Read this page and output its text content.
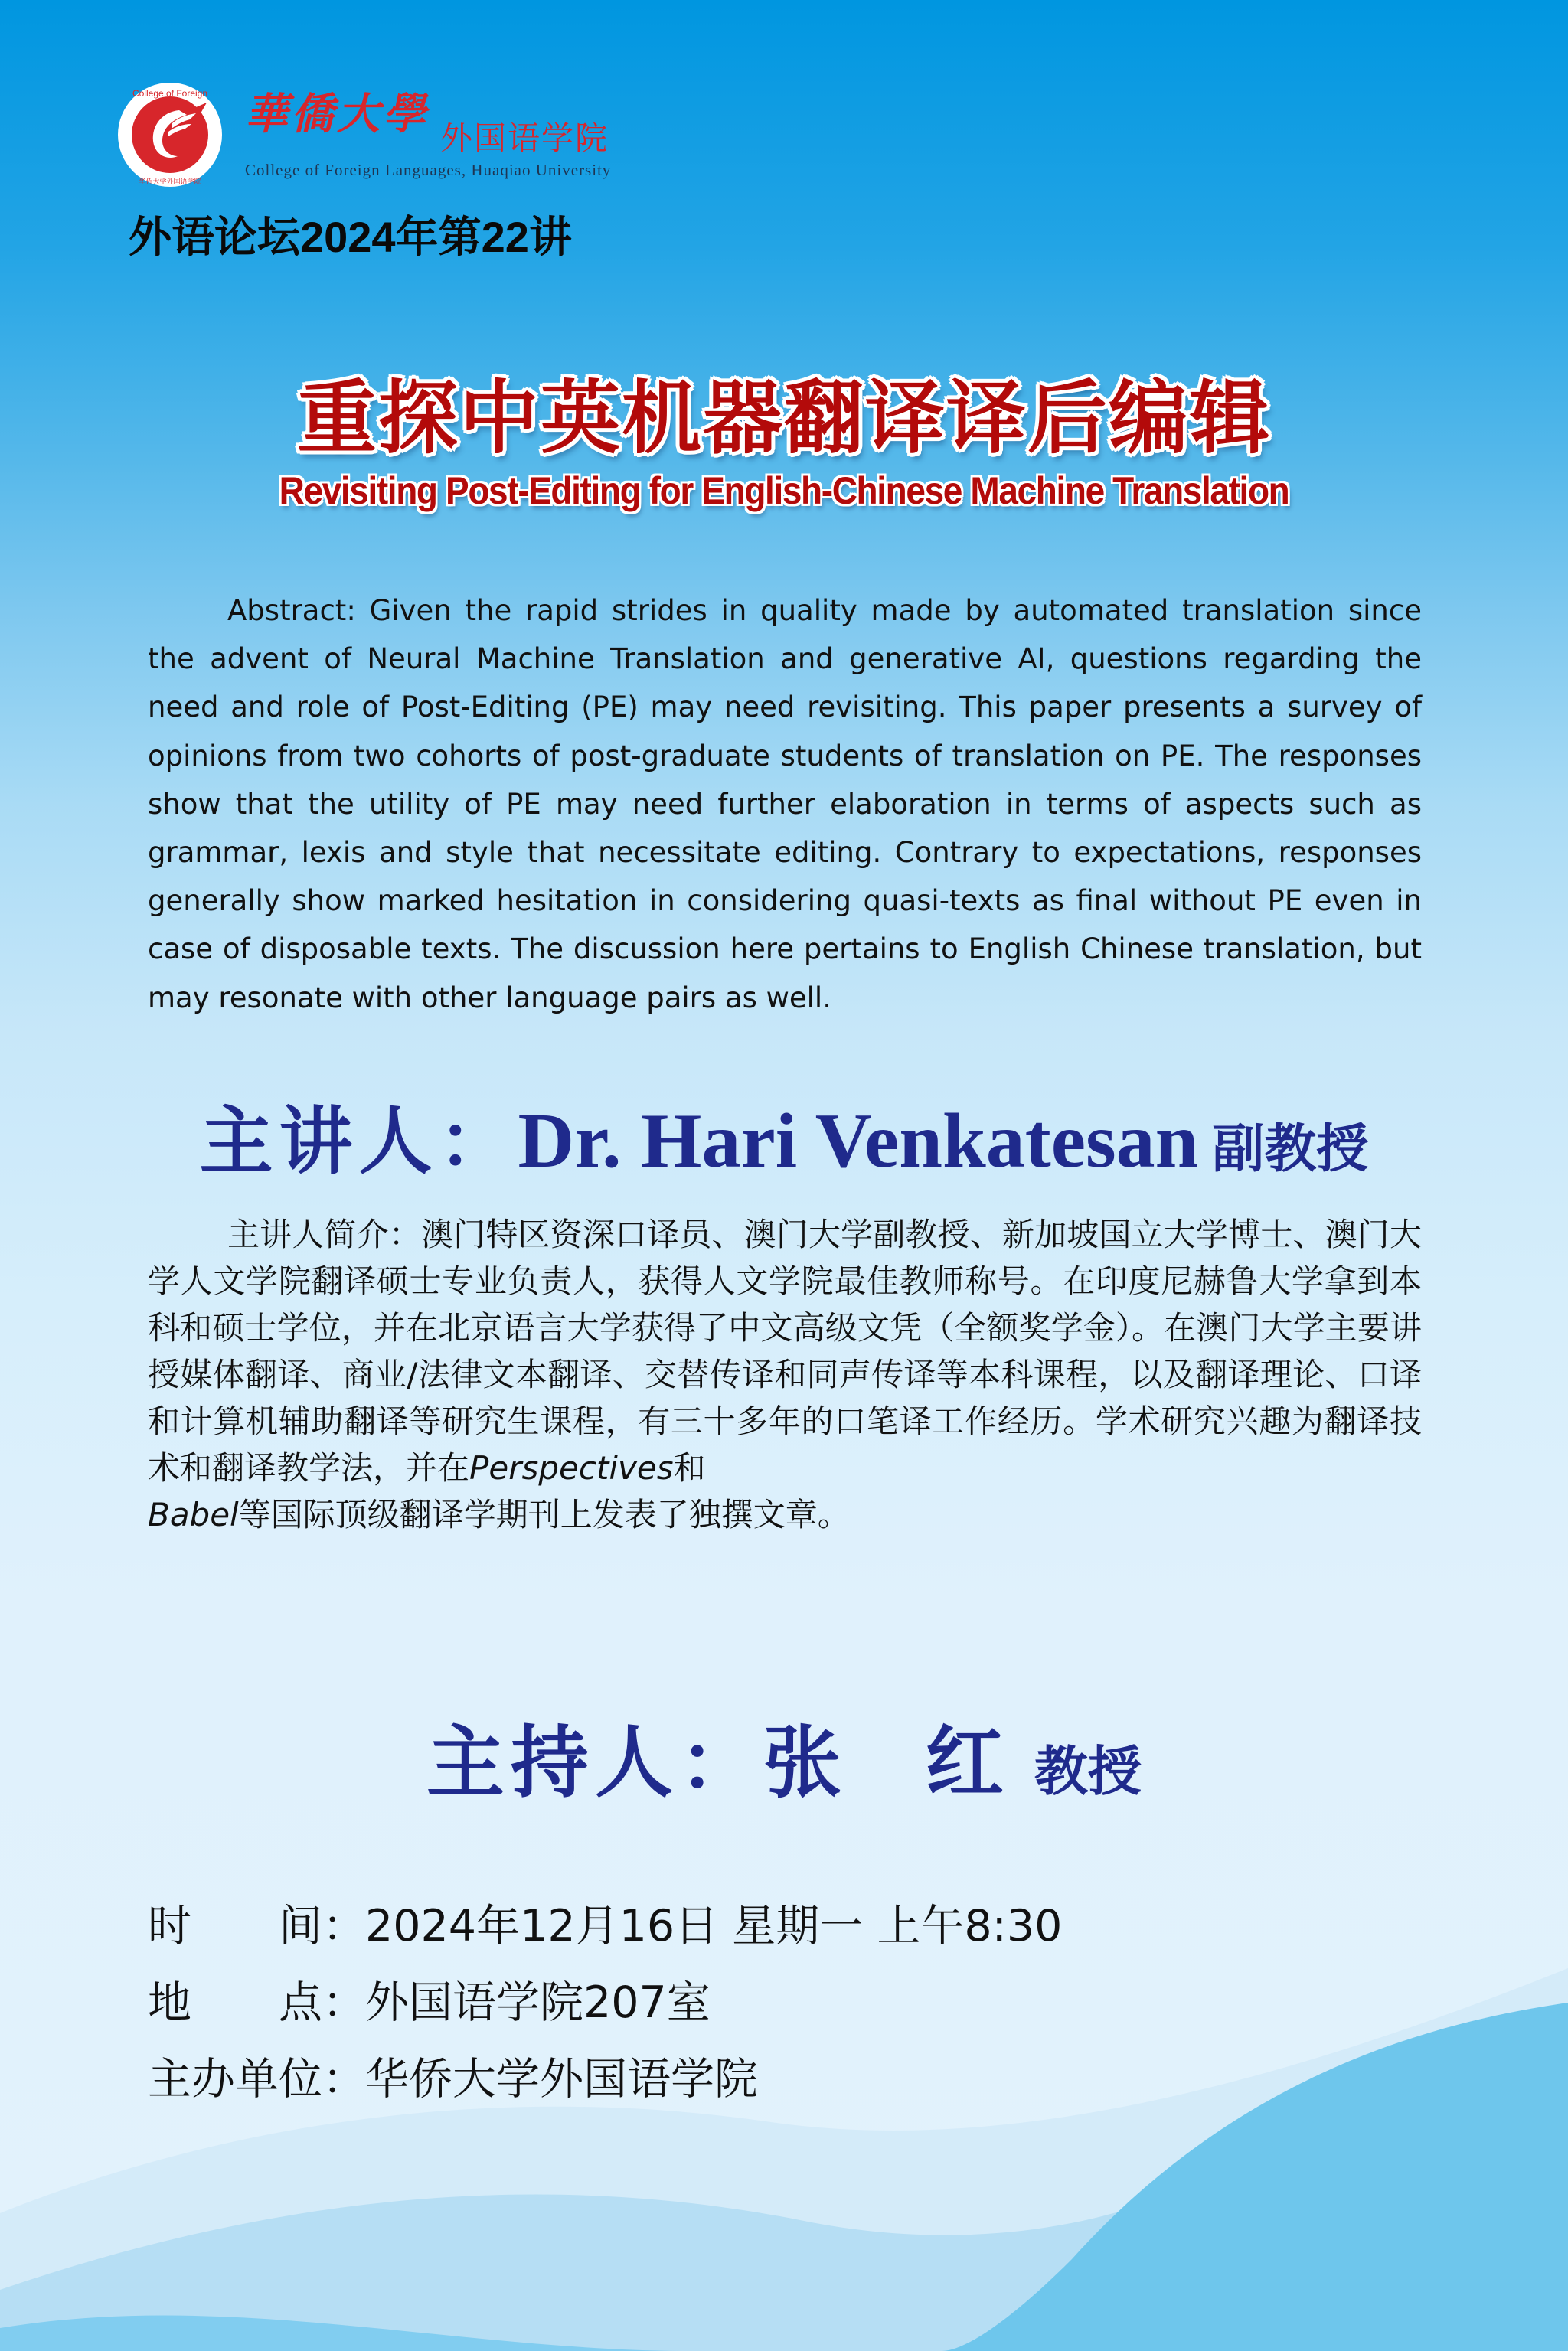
College of Foreign
华侨大学外国语学院
華僑大學 外国语学院
College of Foreign Languages, Huaqiao University
外语论坛2024年第22讲
重探中英机器翻译译后编辑
Revisiting Post-Editing for English-Chinese Machine Translation

Abstract: Given the rapid strides in quality made by automated translation since the advent of Neural Machine Translation and generative AI, questions regarding the need and role of Post-Editing (PE) may need revisiting. This paper presents a survey of opinions from two cohorts of post-graduate students of translation on PE. The responses show that the utility of PE may need further elaboration in terms of aspects such as grammar, lexis and style that necessitate editing. Contrary to expectations, responses generally show marked hesitation in considering quasi-texts as final without PE even in case of disposable texts. The discussion here pertains to English Chinese translation, but may resonate with other language pairs as well.

主讲人：Dr. Hari Venkatesan 副教授

主讲人简介：澳门特区资深口译员、澳门大学副教授、新加坡国立大学博士、澳门大学人文学院翻译硕士专业负责人，获得人文学院最佳教师称号。在印度尼赫鲁大学拿到本科和硕士学位，并在北京语言大学获得了中文高级文凭（全额奖学金）。在澳门大学主要讲授媒体翻译、商业/法律文本翻译、交替传译和同声传译等本科课程，以及翻译理论、口译和计算机辅助翻译等研究生课程，有三十多年的口笔译工作经历。学术研究兴趣为翻译技术和翻译教学法，并在Perspectives和
Babel等国际顶级翻译学期刊上发表了独撰文章。

主持人：张 红 教授
时 间 ： 2024年12月16日 星期一 上午8:30
地 点 ： 外国语学院207室
主 办 单 位 ： 华侨大学外国语学院
